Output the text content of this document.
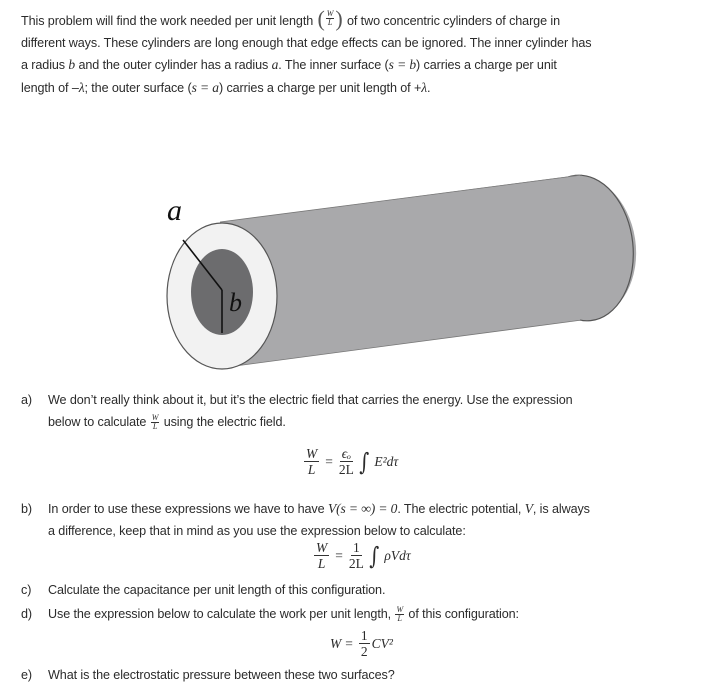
This problem will find the work needed per unit length ( $\frac{W}{L}$ ) of two concentric cylinders of charge in
different ways. These cylinders are long enough that edge effects can be ignored. The inner cylinder has
a radius b and the outer cylinder has a radius a. The inner surface (s = b) carries a charge per unit
length of –λ; the outer surface (s = a) carries a charge per unit length of +λ.
a
b
a) We don’t really think about it, but it’s the electric field that carries the energy. Use the expression
below to calculate $\frac{W}{L}$ using the electric field.
$\frac{W}{L} = \frac{\text{ϵₒ}}{2L}$ ∫ E²dτ
b) In order to use these expressions we have to have V(s = ∞) = 0. The electric potential, V, is always
a difference, keep that in mind as you use the expression below to calculate:
$\frac{W}{L} = \frac{1}{2L}$ ∫ ρVdτ
c) Calculate the capacitance per unit length of this configuration.
d) Use the expression below to calculate the work per unit length, $\frac{W}{L}$ of this configuration:
$W = \frac{1}{2} CV^2$
e) What is the electrostatic pressure between these two surfaces?
